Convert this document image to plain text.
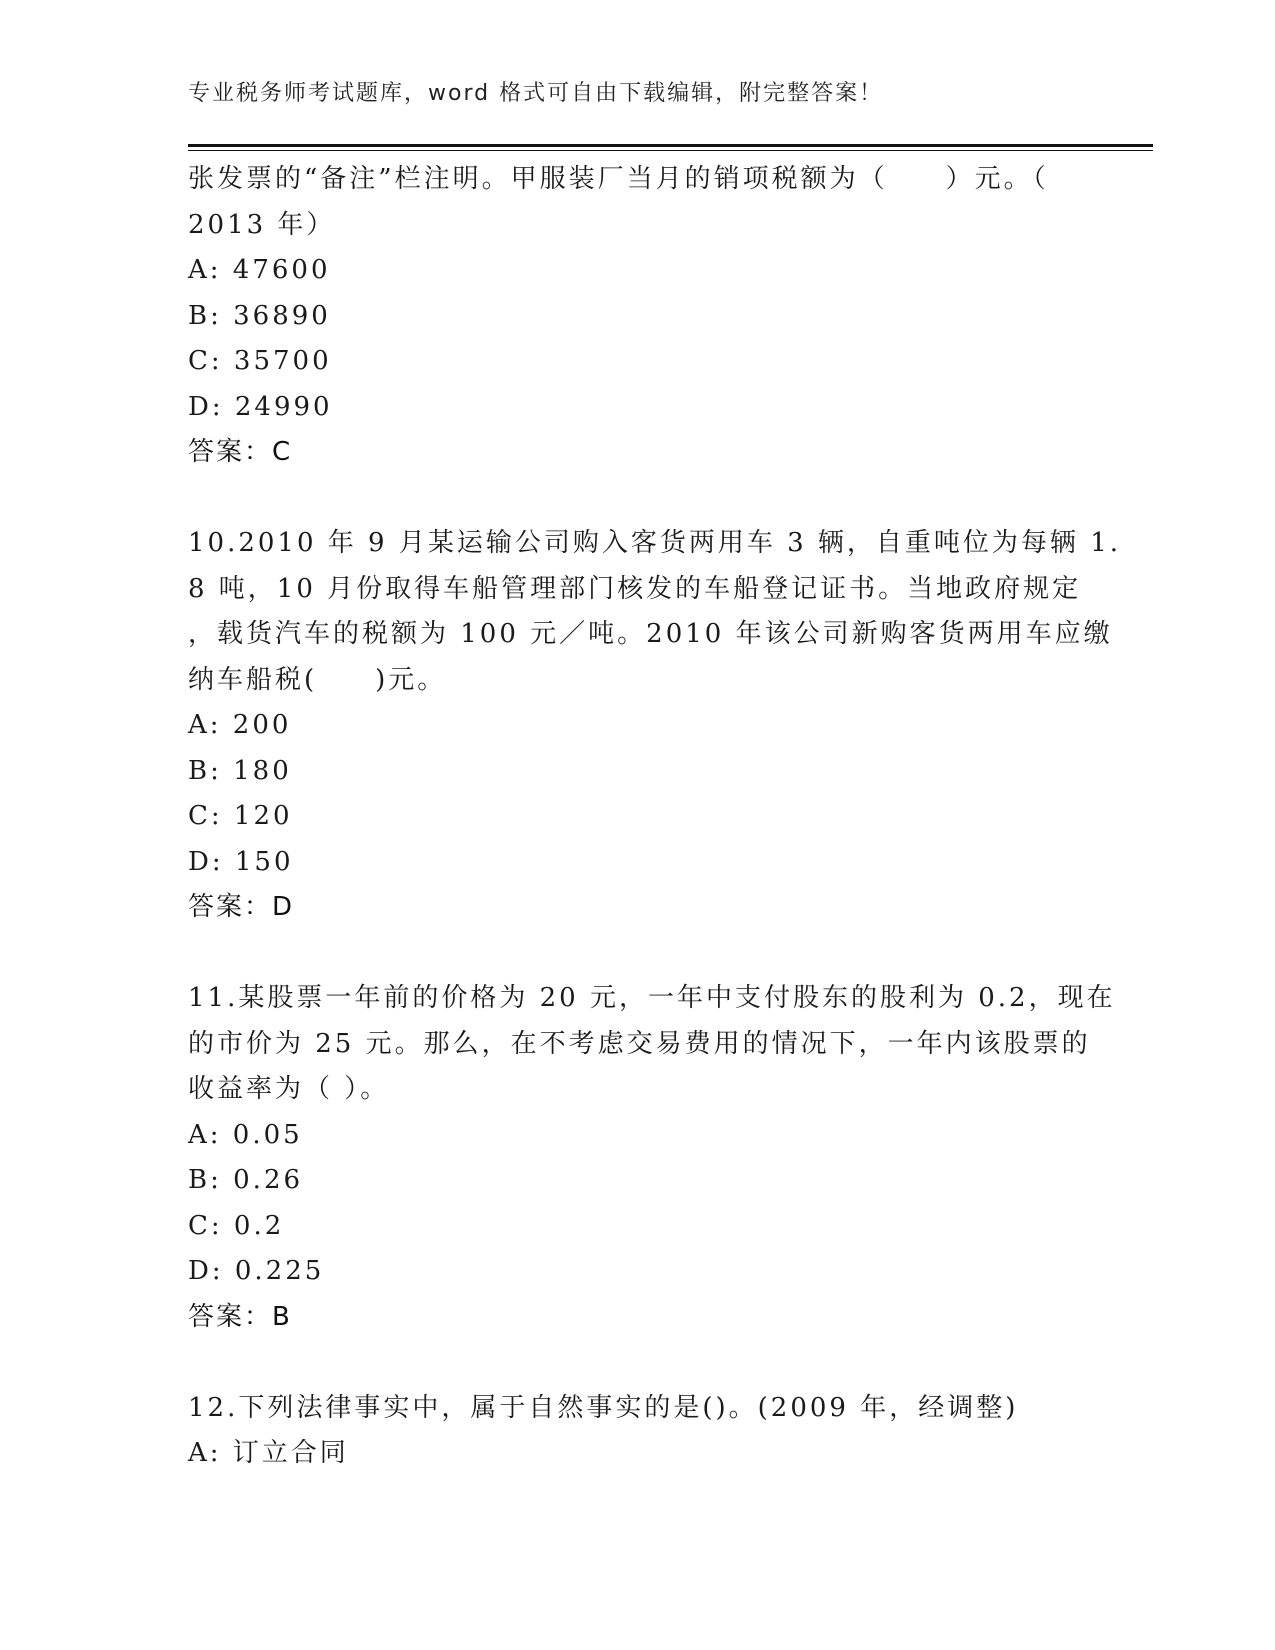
专业税务师考试题库，word 格式可自由下载编辑，附完整答案！
张发票的“备注”栏注明。甲服装厂当月的销项税额为（　　）元。（
2013 年）
A: 47600
B: 36890
C: 35700
D: 24990
答案：C
10.2010 年 9 月某运输公司购入客货两用车 3 辆，自重吨位为每辆 1.
8 吨，10 月份取得车船管理部门核发的车船登记证书。当地政府规定
，载货汽车的税额为 100 元／吨。2010 年该公司新购客货两用车应缴
纳车船税(　　)元。
A: 200
B: 180
C: 120
D: 150
答案：D
11.某股票一年前的价格为 20 元，一年中支付股东的股利为 0.2，现在
的市价为 25 元。那么，在不考虑交易费用的情况下，一年内该股票的
收益率为（ ）。
A: 0.05
B: 0.26
C: 0.2
D: 0.225
答案：B
12.下列法律事实中，属于自然事实的是()。(2009 年，经调整)
A: 订立合同
